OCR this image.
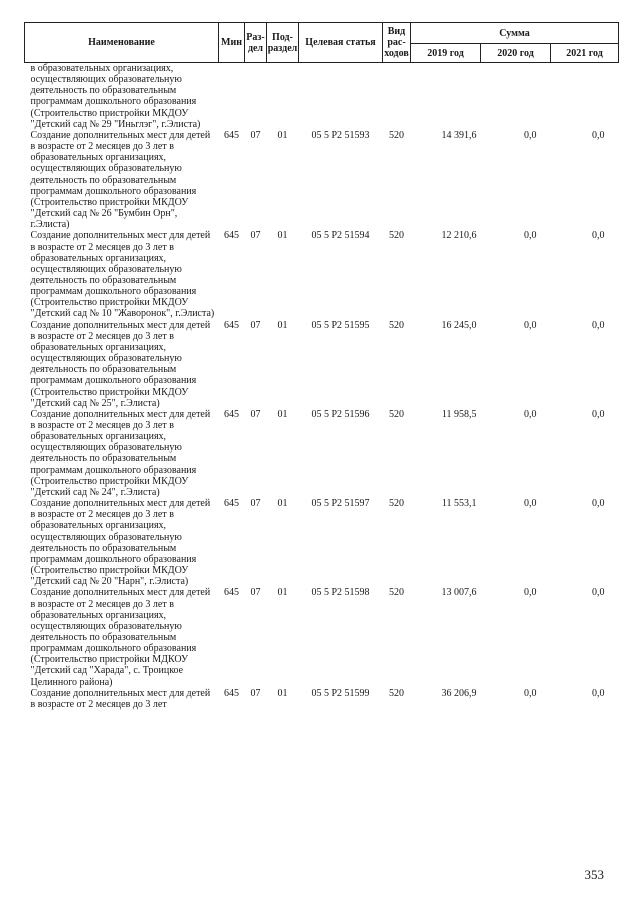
Наименование	Мин	Раз-дел	Под-раздел	Целевая статья	Вид рас-ходов	Сумма		
						2019 год	2020 год	2021 год
в образовательных организациях, осуществляющих образовательную деятельность по образовательным программам дошкольного образования (Строительство пристройки МКДОУ "Детский сад № 29 "Иньглэг", г.Элиста)								
Создание дополнительных мест для детей в возрасте от 2 месяцев до 3 лет в образовательных организациях, осуществляющих образовательную деятельность по образовательным программам дошкольного образования (Строительство пристройки МКДОУ "Детский сад № 26 "Бумбин Орн", г.Элиста)	645	07	01	05 5 P2 51593	520	14 391,6	0,0	0,0
Создание дополнительных мест для детей в возрасте от 2 месяцев до 3 лет в образовательных организациях, осуществляющих образовательную деятельность по образовательным программам дошкольного образования (Строительство пристройки МКДОУ "Детский сад № 10 "Жаворонок", г.Элиста)	645	07	01	05 5 P2 51594	520	12 210,6	0,0	0,0
Создание дополнительных мест для детей в возрасте от 2 месяцев до 3 лет в образовательных организациях, осуществляющих образовательную деятельность по образовательным программам дошкольного образования (Строительство пристройки МКДОУ "Детский сад № 25", г.Элиста)	645	07	01	05 5 P2 51595	520	16 245,0	0,0	0,0
Создание дополнительных мест для детей в возрасте от 2 месяцев до 3 лет в образовательных организациях, осуществляющих образовательную деятельность по образовательным программам дошкольного образования (Строительство пристройки МКДОУ "Детский сад № 24", г.Элиста)	645	07	01	05 5 P2 51596	520	11 958,5	0,0	0,0
Создание дополнительных мест для детей в возрасте от 2 месяцев до 3 лет в образовательных организациях, осуществляющих образовательную деятельность по образовательным программам дошкольного образования (Строительство пристройки МКДОУ "Детский сад № 20 "Нарн", г.Элиста)	645	07	01	05 5 P2 51597	520	11 553,1	0,0	0,0
Создание дополнительных мест для детей в возрасте от 2 месяцев до 3 лет в образовательных организациях, осуществляющих образовательную деятельность по образовательным программам дошкольного образования (Строительство пристройки МДКОУ "Детский сад "Харада", с. Троицкое Целинного района)	645	07	01	05 5 P2 51598	520	13 007,6	0,0	0,0
Создание дополнительных мест для детей в возрасте от 2 месяцев до 3 лет	645	07	01	05 5 P2 51599	520	36 206,9	0,0	0,0
353
